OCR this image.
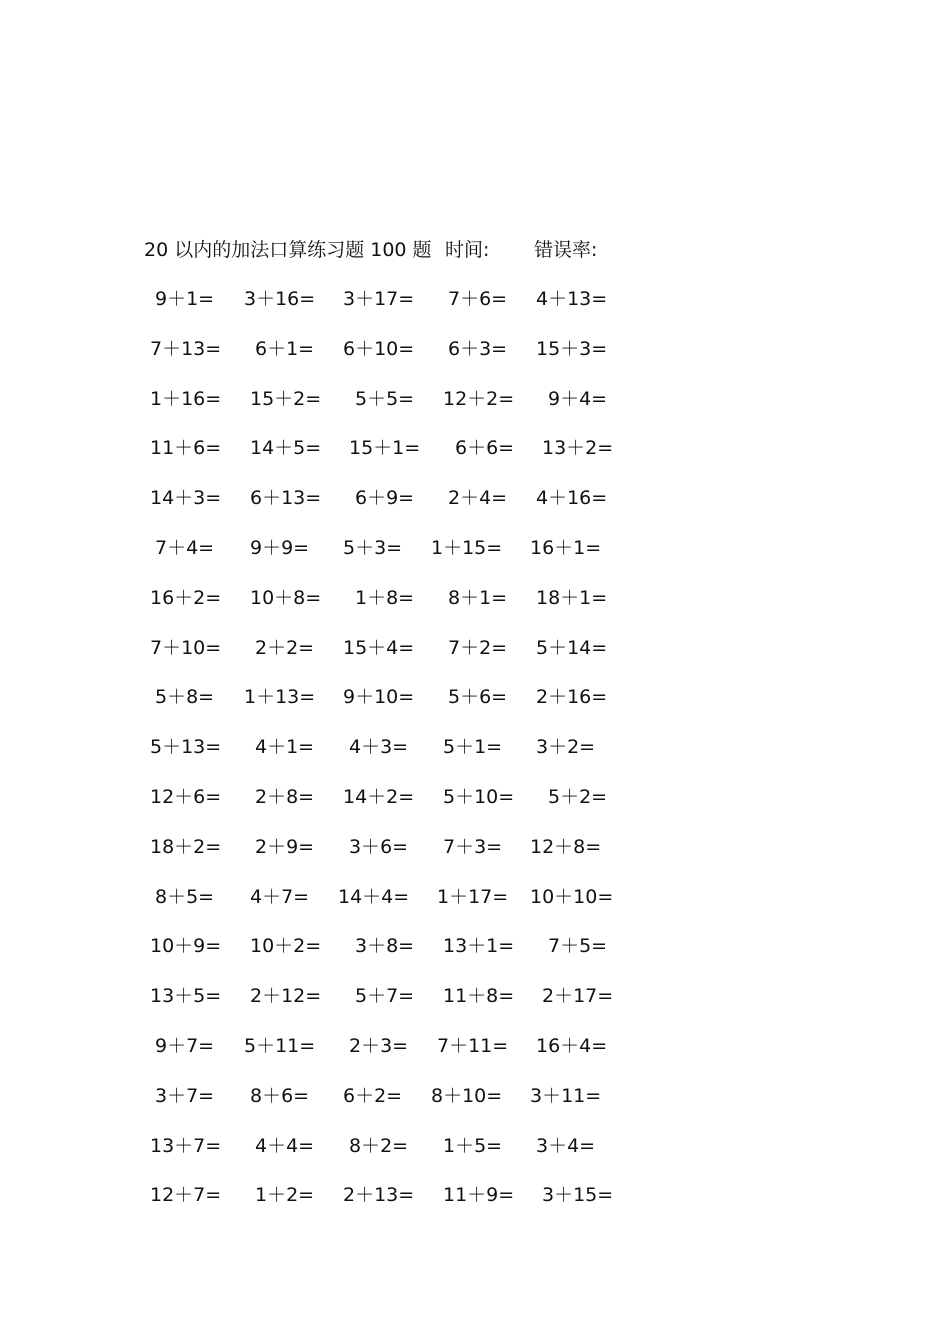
20 以内的加法口算练习题 100 题 时间: 错误率:
9＋1= 3＋16= 3＋17= 7＋6= 4＋13=
7＋13= 6＋1= 6＋10= 6＋3= 15＋3=
1＋16= 15＋2= 5＋5= 12＋2= 9＋4=
11＋6= 14＋5= 15＋1= 6＋6= 13＋2=
14＋3= 6＋13= 6＋9= 2＋4= 4＋16=
7＋4= 9＋9= 5＋3= 1＋15= 16＋1=
16＋2= 10＋8= 1＋8= 8＋1= 18＋1=
7＋10= 2＋2= 15＋4= 7＋2= 5＋14=
5＋8= 1＋13= 9＋10= 5＋6= 2＋16=
5＋13= 4＋1= 4＋3= 5＋1= 3＋2=
12＋6= 2＋8= 14＋2= 5＋10= 5＋2=
18＋2= 2＋9= 3＋6= 7＋3= 12＋8=
8＋5= 4＋7= 14＋4= 1＋17= 10＋10=
10＋9= 10＋2= 3＋8= 13＋1= 7＋5=
13＋5= 2＋12= 5＋7= 11＋8= 2＋17=
9＋7= 5＋11= 2＋3= 7＋11= 16＋4=
3＋7= 8＋6= 6＋2= 8＋10= 3＋11=
13＋7= 4＋4= 8＋2= 1＋5= 3＋4=
12＋7= 1＋2= 2＋13= 11＋9= 3＋15=
